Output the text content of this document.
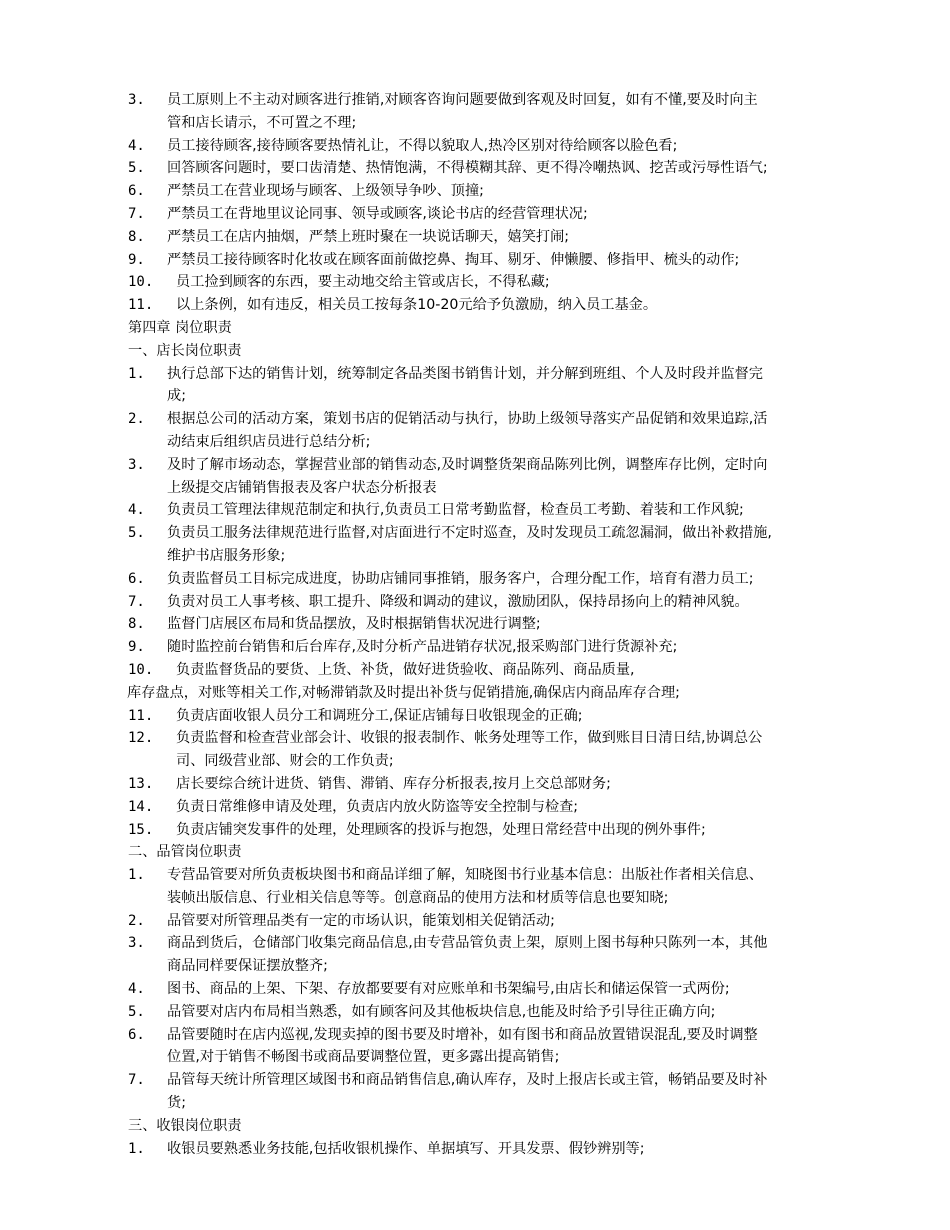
3. 员工原则上不主动对顾客进行推销,对顾客咨询问题要做到客观及时回复，如有不懂,要及时向主
管和店长请示，不可置之不理;
4. 员工接待顾客,接待顾客要热情礼让，不得以貌取人,热冷区别对待给顾客以脸色看;
5. 回答顾客问题时，要口齿清楚、热情饱满，不得模糊其辞、更不得冷嘲热讽、挖苦或污辱性语气;
6. 严禁员工在营业现场与顾客、上级领导争吵、顶撞;
7. 严禁员工在背地里议论同事、领导或顾客,谈论书店的经营管理状况;
8. 严禁员工在店内抽烟，严禁上班时聚在一块说话聊天，嬉笑打闹;
9. 严禁员工接待顾客时化妆或在顾客面前做挖鼻、掏耳、剔牙、伸懒腰、修指甲、梳头的动作;
10. 员工捡到顾客的东西，要主动地交给主管或店长，不得私藏;
11. 以上条例，如有违反，相关员工按每条10-20元给予负激励，纳入员工基金。
第四章 岗位职责
一、店长岗位职责
1. 执行总部下达的销售计划，统筹制定各品类图书销售计划，并分解到班组、个人及时段并监督完
成;
2. 根据总公司的活动方案，策划书店的促销活动与执行，协助上级领导落实产品促销和效果追踪,活
动结束后组织店员进行总结分析;
3. 及时了解市场动态，掌握营业部的销售动态,及时调整货架商品陈列比例，调整库存比例，定时向
上级提交店铺销售报表及客户状态分析报表
4. 负责员工管理法律规范制定和执行,负责员工日常考勤监督，检查员工考勤、着装和工作风貌;
5. 负责员工服务法律规范进行监督,对店面进行不定时巡查，及时发现员工疏忽漏洞，做出补救措施,
维护书店服务形象;
6. 负责监督员工目标完成进度，协助店铺同事推销，服务客户，合理分配工作，培育有潜力员工;
7. 负责对员工人事考核、职工提升、降级和调动的建议，激励团队，保持昂扬向上的精神风貌。
8. 监督门店展区布局和货品摆放，及时根据销售状况进行调整;
9. 随时监控前台销售和后台库存,及时分析产品进销存状况,报采购部门进行货源补充;
10. 负责监督货品的要货、上货、补货，做好进货验收、商品陈列、商品质量,
库存盘点，对账等相关工作,对畅滞销款及时提出补货与促销措施,确保店内商品库存合理;
11. 负责店面收银人员分工和调班分工,保证店铺每日收银现金的正确;
12. 负责监督和检查营业部会计、收银的报表制作、帐务处理等工作，做到账目日清日结,协调总公
司、同级营业部、财会的工作负责;
13. 店长要综合统计进货、销售、滞销、库存分析报表,按月上交总部财务;
14. 负责日常维修申请及处理，负责店内放火防盗等安全控制与检查;
15. 负责店铺突发事件的处理，处理顾客的投诉与抱怨，处理日常经营中出现的例外事件;
二、品管岗位职责
1. 专营品管要对所负责板块图书和商品详细了解，知晓图书行业基本信息：出版社作者相关信息、
装帧出版信息、行业相关信息等等。创意商品的使用方法和材质等信息也要知晓;
2. 品管要对所管理品类有一定的市场认识，能策划相关促销活动;
3. 商品到货后，仓储部门收集完商品信息,由专营品管负责上架，原则上图书每种只陈列一本，其他
商品同样要保证摆放整齐;
4. 图书、商品的上架、下架、存放都要要有对应账单和书架编号,由店长和储运保管一式两份;
5. 品管要对店内布局相当熟悉，如有顾客问及其他板块信息,也能及时给予引导往正确方向;
6. 品管要随时在店内巡视,发现卖掉的图书要及时增补，如有图书和商品放置错误混乱,要及时调整
位置,对于销售不畅图书或商品要调整位置，更多露出提高销售;
7. 品管每天统计所管理区域图书和商品销售信息,确认库存，及时上报店长或主管，畅销品要及时补
货;
三、收银岗位职责
1. 收银员要熟悉业务技能,包括收银机操作、单据填写、开具发票、假钞辨别等;
